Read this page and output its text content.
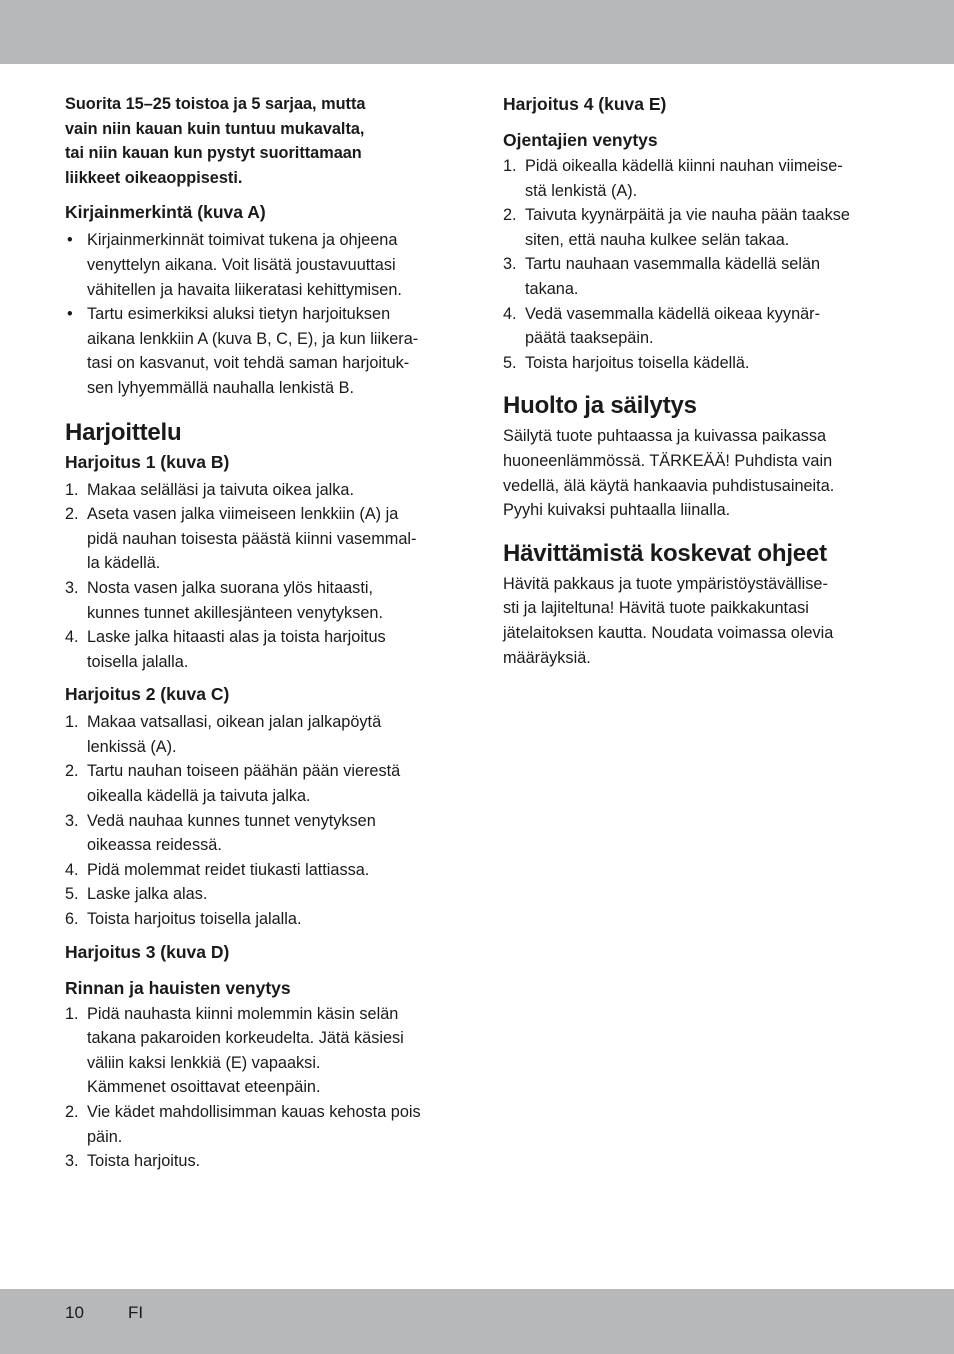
Suorita 15–25 toistoa ja 5 sarjaa, mutta
vain niin kauan kuin tuntuu mukavalta,
tai niin kauan kun pystyt suorittamaan
liikkeet oikeaoppisesti.

Kirjainmerkintä (kuva A)

• Kirjainmerkinnät toimivat tukena ja ohjeena
venyttelyn aikana. Voit lisätä joustavuuttasi
vähitellen ja havaita liikeratasi kehittymisen.
• Tartu esimerkiksi aluksi tietyn harjoituksen
aikana lenkkiin A (kuva B, C, E), ja kun liikera-
tasi on kasvanut, voit tehdä saman harjoituk-
sen lyhyemmällä nauhalla lenkistä B.

Harjoittelu

Harjoitus 1 (kuva B)

1. Makaa selälläsi ja taivuta oikea jalka.
2. Aseta vasen jalka viimeiseen lenkkiin (A) ja
pidä nauhan toisesta päästä kiinni vasemmal-
la kädellä.
3. Nosta vasen jalka suorana ylös hitaasti,
kunnes tunnet akillesjänteen venytyksen.
4. Laske jalka hitaasti alas ja toista harjoitus
toisella jalalla.

Harjoitus 2 (kuva C)

1. Makaa vatsallasi, oikean jalan jalkapöytä
lenkissä (A).
2. Tartu nauhan toiseen päähän pään vierestä
oikealla kädellä ja taivuta jalka.
3. Vedä nauhaa kunnes tunnet venytyksen
oikeassa reidessä.
4. Pidä molemmat reidet tiukasti lattiassa.
5. Laske jalka alas.
6. Toista harjoitus toisella jalalla.

Harjoitus 3 (kuva D)

Rinnan ja hauisten venytys

1. Pidä nauhasta kiinni molemmin käsin selän
takana pakaroiden korkeudelta. Jätä käsiesi
väliin kaksi lenkkiä (E) vapaaksi.
Kämmenet osoittavat eteenpäin.
2. Vie kädet mahdollisimman kauas kehosta pois
päin.
3. Toista harjoitus.

Harjoitus 4 (kuva E)

Ojentajien venytys

1. Pidä oikealla kädellä kiinni nauhan viimeise-
stä lenkistä (A).
2. Taivuta kyynärpäitä ja vie nauha pään taakse
siten, että nauha kulkee selän takaa.
3. Tartu nauhaan vasemmalla kädellä selän
takana.
4. Vedä vasemmalla kädellä oikeaa kyynär-
päätä taaksepäin.
5. Toista harjoitus toisella kädellä.

Huolto ja säilytys

Säilytä tuote puhtaassa ja kuivassa paikassa
huoneenlämmössä. TÄRKEÄÄ! Puhdista vain
vedellä, älä käytä hankaavia puhdistusaineita.
Pyyhi kuivaksi puhtaalla liinalla.

Hävittämistä koskevat ohjeet

Hävitä pakkaus ja tuote ympäristöystävällise-
sti ja lajiteltuna! Hävitä tuote paikkakuntasi
jätelaitoksen kautta. Noudata voimassa olevia
määräyksiä.

10	FI
